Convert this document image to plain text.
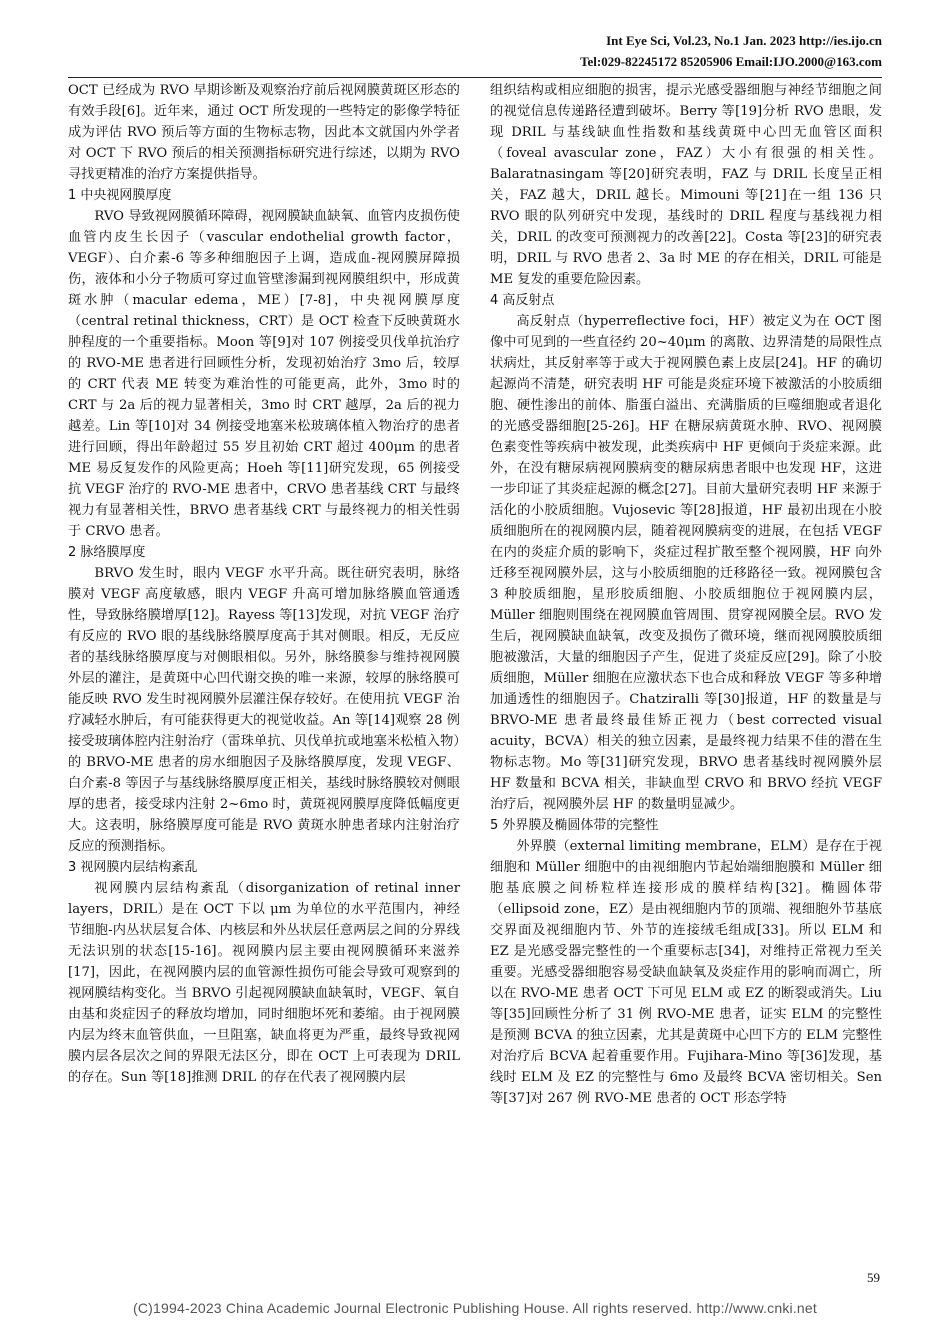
Int Eye Sci, Vol.23, No.1 Jan. 2023 http://ies.ijo.cn
Tel:029-82245172 85205906 Email:IJO.2000@163.com

OCT 已经成为 RVO 早期诊断及观察治疗前后视网膜黄斑区形态的有效手段[6]。近年来，通过 OCT 所发现的一些特定的影像学特征成为评估 RVO 预后等方面的生物标志物，因此本文就国内外学者对 OCT 下 RVO 预后的相关预测指标研究进行综述，以期为 RVO 寻找更精准的治疗方案提供指导。

1 中央视网膜厚度

RVO 导致视网膜循环障碍，视网膜缺血缺氧、血管内皮损伤使血管内皮生长因子（vascular endothelial growth factor，VEGF）、白介素-6 等多种细胞因子上调，造成血-视网膜屏障损伤，液体和小分子物质可穿过血管壁渗漏到视网膜组织中，形成黄斑水肿（macular edema，ME）[7-8]，中央视网膜厚度（central retinal thickness，CRT）是 OCT 检查下反映黄斑水肿程度的一个重要指标。Moon 等[9]对 107 例接受贝伐单抗治疗的 RVO-ME 患者进行回顾性分析，发现初始治疗 3mo 后，较厚的 CRT 代表 ME 转变为难治性的可能更高，此外，3mo 时的 CRT 与 2a 后的视力显著相关，3mo 时 CRT 越厚，2a 后的视力越差。Lin 等[10]对 34 例接受地塞米松玻璃体植入物治疗的患者进行回顾，得出年龄超过 55 岁且初始 CRT 超过 400μm 的患者 ME 易反复发作的风险更高；Hoeh 等[11]研究发现，65 例接受抗 VEGF 治疗的 RVO-ME 患者中，CRVO 患者基线 CRT 与最终视力有显著相关性，BRVO 患者基线 CRT 与最终视力的相关性弱于 CRVO 患者。

2 脉络膜厚度

BRVO 发生时，眼内 VEGF 水平升高。既往研究表明，脉络膜对 VEGF 高度敏感，眼内 VEGF 升高可增加脉络膜血管通透性，导致脉络膜增厚[12]。Rayess 等[13]发现，对抗 VEGF 治疗有反应的 RVO 眼的基线脉络膜厚度高于其对侧眼。相反，无反应者的基线脉络膜厚度与对侧眼相似。另外，脉络膜参与维持视网膜外层的灌注，是黄斑中心凹代谢交换的唯一来源，较厚的脉络膜可能反映 RVO 发生时视网膜外层灌注保存较好。在使用抗 VEGF 治疗减轻水肿后，有可能获得更大的视觉收益。An 等[14]观察 28 例接受玻璃体腔内注射治疗（雷珠单抗、贝伐单抗或地塞米松植入物）的 BRVO-ME 患者的房水细胞因子及脉络膜厚度，发现 VEGF、白介素-8 等因子与基线脉络膜厚度正相关，基线时脉络膜较对侧眼厚的患者，接受球内注射 2~6mo 时，黄斑视网膜厚度降低幅度更大。这表明，脉络膜厚度可能是 RVO 黄斑水肿患者球内注射治疗反应的预测指标。

3 视网膜内层结构紊乱

视网膜内层结构紊乱（disorganization of retinal inner layers，DRIL）是在 OCT 下以 μm 为单位的水平范围内，神经节细胞-内丛状层复合体、内核层和外丛状层任意两层之间的分界线无法识别的状态[15-16]。视网膜内层主要由视网膜循环来滋养[17]，因此，在视网膜内层的血管源性损伤可能会导致可观察到的视网膜结构变化。当 BRVO 引起视网膜缺血缺氧时，VEGF、氧自由基和炎症因子的释放均增加，同时细胞坏死和萎缩。由于视网膜内层为终末血管供血，一旦阻塞，缺血将更为严重，最终导致视网膜内层各层次之间的界限无法区分，即在 OCT 上可表现为 DRIL 的存在。Sun 等[18]推测 DRIL 的存在代表了视网膜内层

组织结构或相应细胞的损害，提示光感受器细胞与神经节细胞之间的视觉信息传递路径遭到破坏。Berry 等[19]分析 RVO 患眼，发现 DRIL 与基线缺血性指数和基线黄斑中心凹无血管区面积（foveal avascular zone，FAZ）大小有很强的相关性。Balaratnasingam 等[20]研究表明，FAZ 与 DRIL 长度呈正相关，FAZ 越大，DRIL 越长。Mimouni 等[21]在一组 136 只 RVO 眼的队列研究中发现，基线时的 DRIL 程度与基线视力相关，DRIL 的改变可预测视力的改善[22]。Costa 等[23]的研究表明，DRIL 与 RVO 患者 2、3a 时 ME 的存在相关，DRIL 可能是 ME 复发的重要危险因素。

4 高反射点

高反射点（hyperreflective foci，HF）被定义为在 OCT 图像中可见到的一些直径约 20~40μm 的离散、边界清楚的局限性点状病灶，其反射率等于或大于视网膜色素上皮层[24]。HF 的确切起源尚不清楚，研究表明 HF 可能是炎症环境下被激活的小胶质细胞、硬性渗出的前体、脂蛋白溢出、充满脂质的巨噬细胞或者退化的光感受器细胞[25-26]。HF 在糖尿病黄斑水肿、RVO、视网膜色素变性等疾病中被发现，此类疾病中 HF 更倾向于炎症来源。此外，在没有糖尿病视网膜病变的糖尿病患者眼中也发现 HF，这进一步印证了其炎症起源的概念[27]。目前大量研究表明 HF 来源于活化的小胶质细胞。Vujosevic 等[28]报道，HF 最初出现在小胶质细胞所在的视网膜内层，随着视网膜病变的进展，在包括 VEGF 在内的炎症介质的影响下，炎症过程扩散至整个视网膜，HF 向外迁移至视网膜外层，这与小胶质细胞的迁移路径一致。视网膜包含 3 种胶质细胞，星形胶质细胞、小胶质细胞位于视网膜内层，Müller 细胞则围绕在视网膜血管周围、贯穿视网膜全层。RVO 发生后，视网膜缺血缺氧，改变及损伤了微环境，继而视网膜胶质细胞被激活，大量的细胞因子产生，促进了炎症反应[29]。除了小胶质细胞，Müller 细胞在应激状态下也合成和释放 VEGF 等多种增加通透性的细胞因子。Chatziralli 等[30]报道，HF 的数量是与 BRVO-ME 患者最终最佳矫正视力（best corrected visual acuity，BCVA）相关的独立因素，是最终视力结果不佳的潜在生物标志物。Mo 等[31]研究发现，BRVO 患者基线时视网膜外层 HF 数量和 BCVA 相关，非缺血型 CRVO 和 BRVO 经抗 VEGF 治疗后，视网膜外层 HF 的数量明显减少。

5 外界膜及椭圆体带的完整性

外界膜（external limiting membrane，ELM）是存在于视细胞和 Müller 细胞中的由视细胞内节起始端细胞膜和 Müller 细胞基底膜之间桥粒样连接形成的膜样结构[32]。椭圆体带（ellipsoid zone，EZ）是由视细胞内节的顶端、视细胞外节基底交界面及视细胞内节、外节的连接绒毛组成[33]。所以 ELM 和 EZ 是光感受器完整性的一个重要标志[34]，对维持正常视力至关重要。光感受器细胞容易受缺血缺氧及炎症作用的影响而凋亡，所以在 RVO-ME 患者 OCT 下可见 ELM 或 EZ 的断裂或消失。Liu 等[35]回顾性分析了 31 例 RVO-ME 患者，证实 ELM 的完整性是预测 BCVA 的独立因素，尤其是黄斑中心凹下方的 ELM 完整性对治疗后 BCVA 起着重要作用。Fujihara-Mino 等[36]发现，基线时 ELM 及 EZ 的完整性与 6mo 及最终 BCVA 密切相关。Sen 等[37]对 267 例 RVO-ME 患者的 OCT 形态学特

59
(C)1994-2023 China Academic Journal Electronic Publishing House. All rights reserved. http://www.cnki.net
